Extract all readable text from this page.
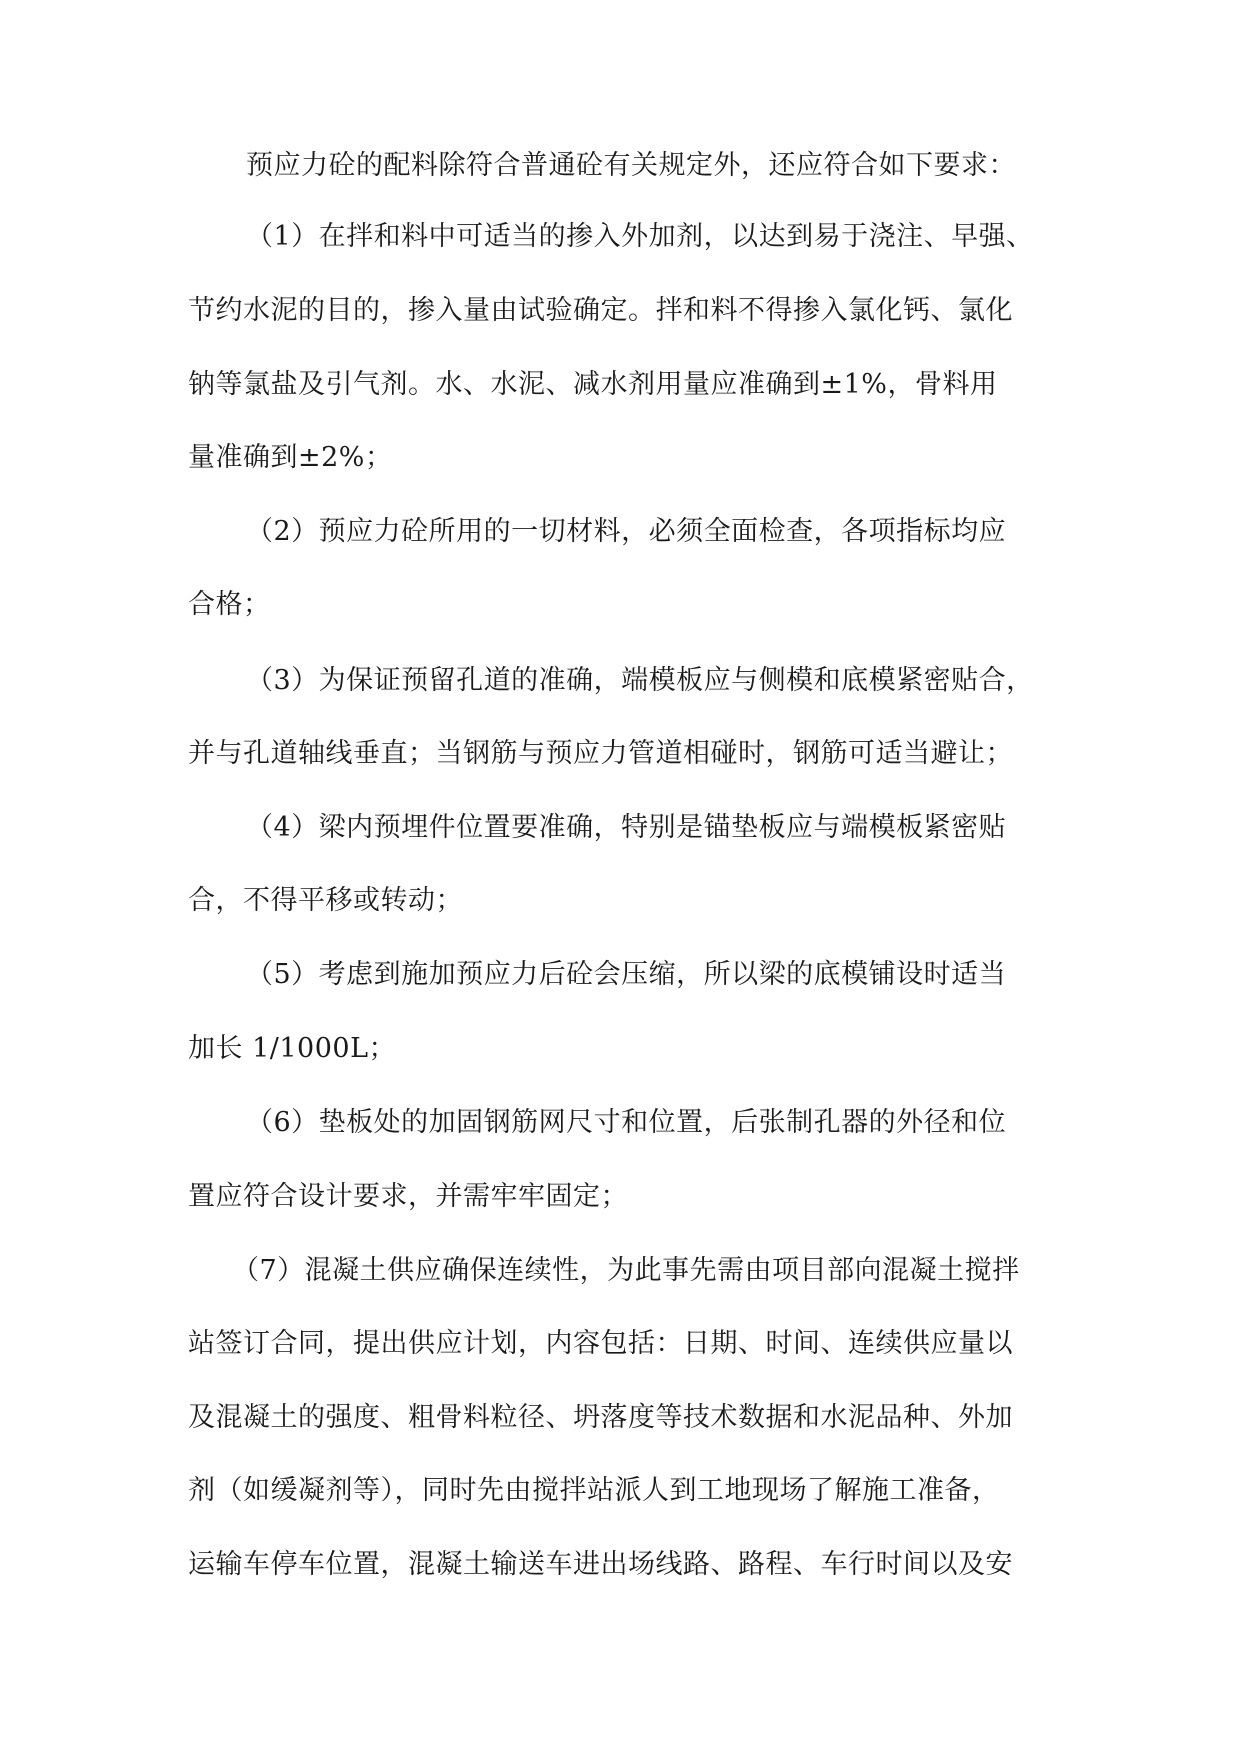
预应力砼的配料除符合普通砼有关规定外，还应符合如下要求：
（1）在拌和料中可适当的掺入外加剂，以达到易于浇注、早强、
节约水泥的目的，掺入量由试验确定。拌和料不得掺入氯化钙、氯化
钠等氯盐及引气剂。水、水泥、减水剂用量应准确到±1%，骨料用
量准确到±2%；
（2）预应力砼所用的一切材料，必须全面检查，各项指标均应
合格；
（3）为保证预留孔道的准确，端模板应与侧模和底模紧密贴合，
并与孔道轴线垂直；当钢筋与预应力管道相碰时，钢筋可适当避让；
（4）梁内预埋件位置要准确，特别是锚垫板应与端模板紧密贴
合，不得平移或转动；
（5）考虑到施加预应力后砼会压缩，所以梁的底模铺设时适当
加长 1/1000L；
（6）垫板处的加固钢筋网尺寸和位置，后张制孔器的外径和位
置应符合设计要求，并需牢牢固定；
（7）混凝土供应确保连续性，为此事先需由项目部向混凝土搅拌
站签订合同，提出供应计划，内容包括：日期、时间、连续供应量以
及混凝土的强度、粗骨料粒径、坍落度等技术数据和水泥品种、外加
剂（如缓凝剂等），同时先由搅拌站派人到工地现场了解施工准备，
运输车停车位置，混凝土输送车进出场线路、路程、车行时间以及安
